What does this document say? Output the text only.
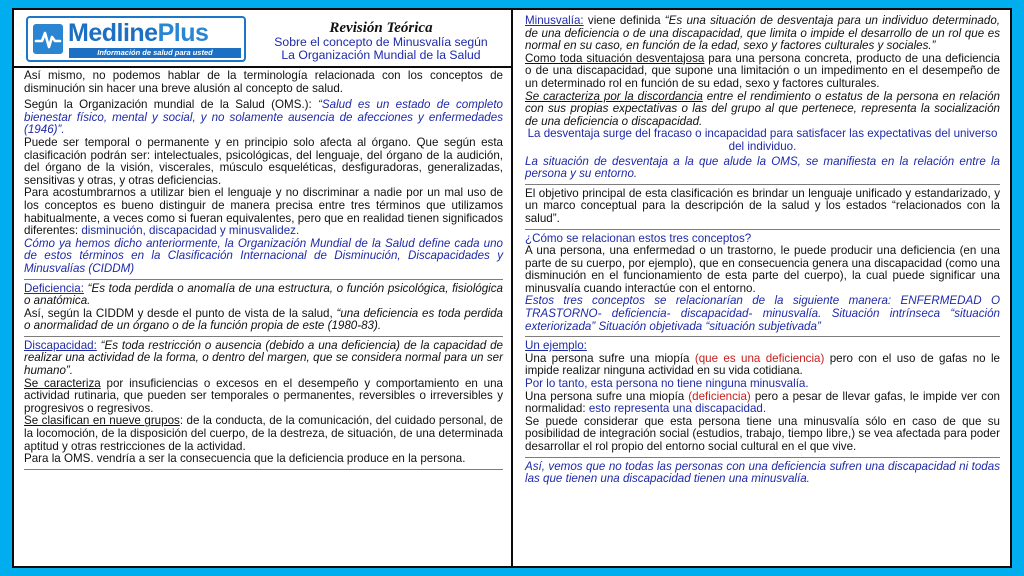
MedlinePlus
Información de salud para usted
Revisión Teórica
Sobre el concepto de Minusvalía según
La Organización Mundial de la Salud

Así mismo, no podemos hablar de la terminología relacionada con los conceptos de disminución sin hacer una breve alusión al concepto de salud.

Según la Organización mundial de la Salud (OMS.): “Salud es un estado de completo bienestar físico, mental y social, y no solamente ausencia de afecciones y enfermedades (1946)”.

Puede ser temporal o permanente y en principio solo afecta al órgano. Que según esta clasificación podrán ser: intelectuales, psicológicas, del lenguaje, del órgano de la audición, del órgano de la visión, viscerales, músculo esqueléticas, desfiguradoras, generalizadas, sensitivas y otras, y otras deficiencias.

Para acostumbrarnos a utilizar bien el lenguaje y no discriminar a nadie por un mal uso de los conceptos es bueno distinguir de manera precisa entre tres términos que utilizamos habitualmente, a veces como si fueran equivalentes, pero que en realidad tienen significados diferentes: disminución, discapacidad y minusvalidez.

Cómo ya hemos dicho anteriormente, la Organización Mundial de la Salud define cada uno de estos términos en la Clasificación Internacional de Disminución, Discapacidades y Minusvalías (CIDDM)

Deficiencia: “Es toda perdida o anomalía de una estructura, o función psicológica, fisiológica o anatómica.

Así, según la CIDDM y desde el punto de vista de la salud, “una deficiencia es toda perdida o anormalidad de un órgano o de la función propia de este (1980-83).

Discapacidad: “Es toda restricción o ausencia (debido a una deficiencia) de la capacidad de realizar una actividad de la forma, o dentro del margen, que se considera normal para un ser humano”.

Se caracteriza por insuficiencias o excesos en el desempeño y comportamiento en una actividad rutinaria, que pueden ser temporales o permanentes, reversibles o irreversibles y progresivos o regresivos.

Se clasifican en nueve grupos: de la conducta, de la comunicación, del cuidado personal, de la locomoción, de la disposición del cuerpo, de la destreza, de situación, de una determinada aptitud y otras restricciones de la actividad.

Para la OMS. vendría a ser la consecuencia que la deficiencia produce en la persona.

Minusvalía: viene definida “Es una situación de desventaja para un individuo determinado, de una deficiencia o de una discapacidad, que limita o impide el desarrollo de un rol que es normal en su caso, en función de la edad, sexo y factores culturales y sociales.”

Como toda situación desventajosa para una persona concreta, producto de una deficiencia o de una discapacidad, que supone una limitación o un impedimento en el desempeño de un determinado rol en función de su edad, sexo y factores culturales.

Se caracteriza por la discordancia entre el rendimiento o estatus de la persona en relación con sus propias expectativas o las del grupo al que pertenece, representa la socialización de una deficiencia o discapacidad.

La desventaja surge del fracaso o incapacidad para satisfacer las expectativas del universo del individuo.

La situación de desventaja a la que alude la OMS, se manifiesta en la relación entre la persona y su entorno.

El objetivo principal de esta clasificación es brindar un lenguaje unificado y estandarizado, y un marco conceptual para la descripción de la salud y los estados “relacionados con la salud”.

¿Cómo se relacionan estos tres conceptos?

A una persona, una enfermedad o un trastorno, le puede producir una deficiencia (en una parte de su cuerpo, por ejemplo), que en consecuencia genera una discapacidad (como una disminución en el funcionamiento de esta parte del cuerpo), la cual puede significar una minusvalía cuando interactúe con el entorno.

Estos tres conceptos se relacionarían de la siguiente manera: ENFERMEDAD O TRASTORNO- deficiencia- discapacidad- minusvalía. Situación intrínseca “situación exteriorizada” Situación objetivada “situación subjetivada”

Un ejemplo:

Una persona sufre una miopía (que es una deficiencia) pero con el uso de gafas no le impide realizar ninguna actividad en su vida cotidiana.

Por lo tanto, esta persona no tiene ninguna minusvalía.

Una persona sufre una miopía (deficiencia) pero a pesar de llevar gafas, le impide ver con normalidad: esto representa una discapacidad.

Se puede considerar que esta persona tiene una minusvalía sólo en caso de que su posibilidad de integración social (estudios, trabajo, tiempo libre,) se vea afectada para poder desarrollar el rol propio del entorno social cultural en el que vive.

Así, vemos que no todas las personas con una deficiencia sufren una discapacidad ni todas las que tienen una discapacidad tienen una minusvalía.
